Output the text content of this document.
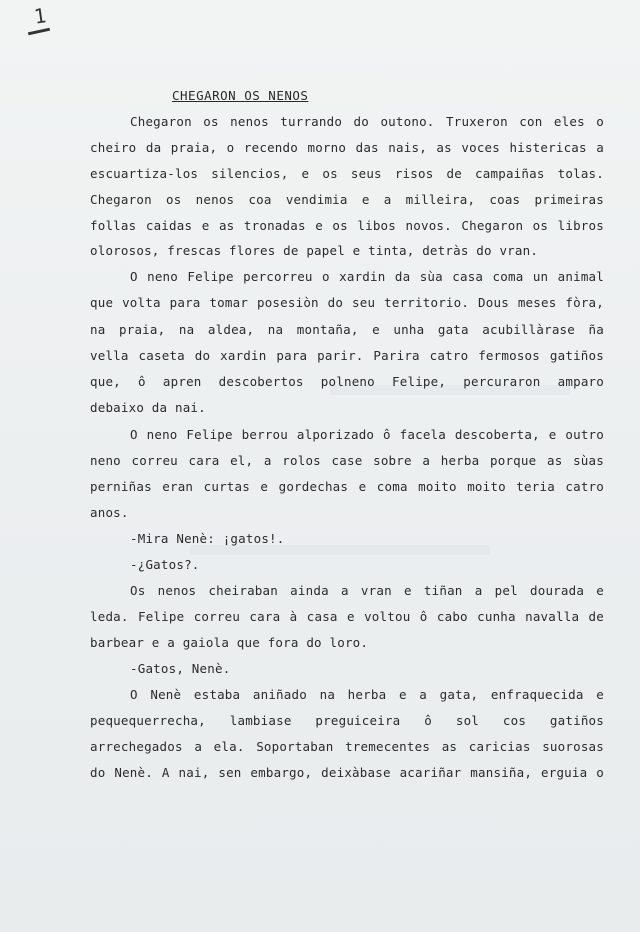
1
CHEGARON OS NENOS
Chegaron os nenos turrando do outono. Truxeron con eles o
cheiro da praia, o recendo morno das nais, as voces histericas a
escuartiza-los silencios, e os seus risos de campaiñas tolas.
Chegaron os nenos coa vendimia e a milleira, coas primeiras
follas caidas e as tronadas e os libos novos. Chegaron os libros
olorosos, frescas flores de papel e tinta, detràs do vran.
O neno Felipe percorreu o xardin da sùa casa coma un animal
que volta para tomar posesiòn do seu territorio. Dous meses fòra,
na praia, na aldea, na montaña, e unha gata acubillàrase ña
vella caseta do xardin para parir. Parira catro fermosos gatiños
que, ô apren descobertos polneno Felipe, percuraron amparo
debaixo da nai.
O neno Felipe berrou alporizado ô facela descoberta, e outro
neno correu cara el, a rolos case sobre a herba porque as sùas
perniñas eran curtas e gordechas e coma moito moito teria catro
anos.
-Mira Nenè: ¡gatos!.
-¿Gatos?.
Os nenos cheiraban ainda a vran e tiñan a pel dourada e
leda. Felipe correu cara à casa e voltou ô cabo cunha navalla de
barbear e a gaiola que fora do loro.
-Gatos, Nenè.
O Nenè estaba aniñado na herba e a gata, enfraquecida e
pequequerrecha, lambiase preguiceira ô sol cos gatiños
arrechegados a ela. Soportaban tremecentes as caricias suorosas
do Nenè. A nai, sen embargo, deixàbase acariñar mansiña, erguia o
